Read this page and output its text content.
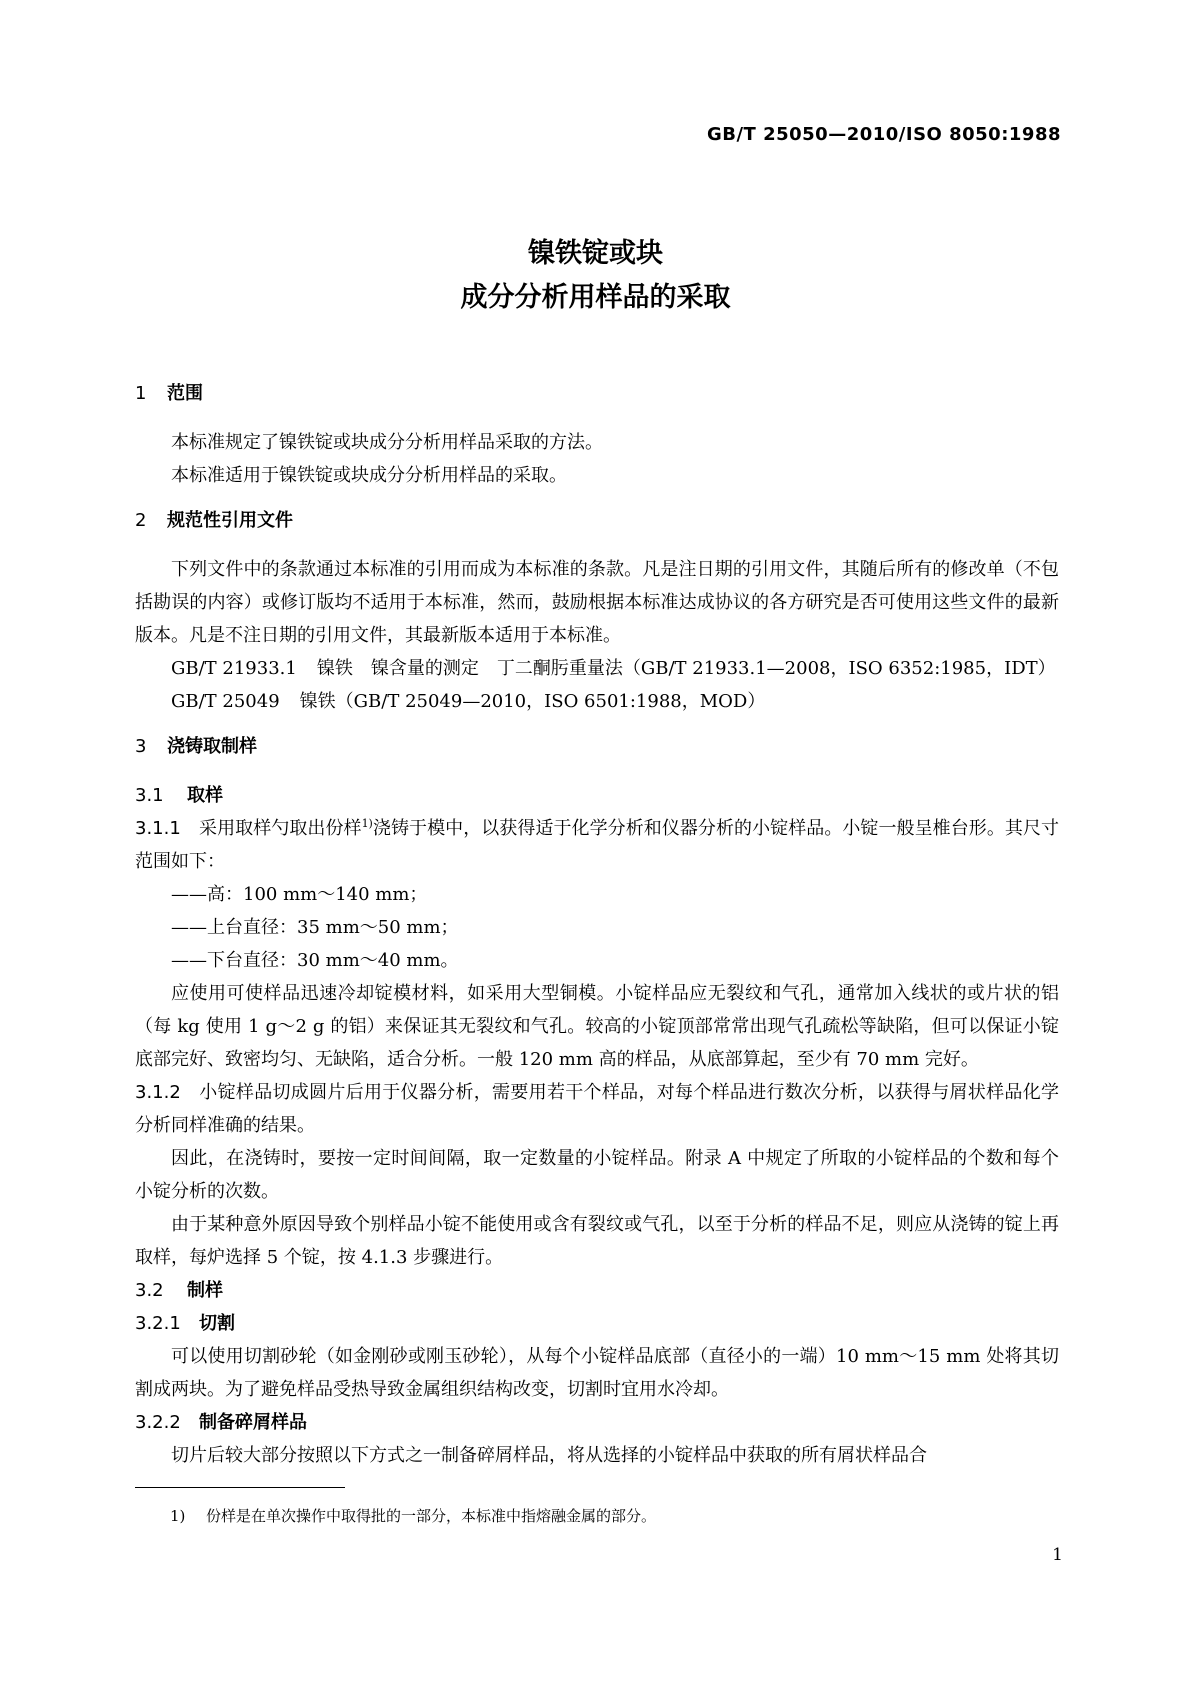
GB/T 25050—2010/ISO 8050:1988
镍铁锭或块
成分分析用样品的采取
1 范围

本标准规定了镍铁锭或块成分分析用样品采取的方法。

本标准适用于镍铁锭或块成分分析用样品的采取。

2 规范性引用文件

下列文件中的条款通过本标准的引用而成为本标准的条款。凡是注日期的引用文件，其随后所有的修改单（不包括勘误的内容）或修订版均不适用于本标准，然而，鼓励根据本标准达成协议的各方研究是否可使用这些文件的最新版本。凡是不注日期的引用文件，其最新版本适用于本标准。

GB/T 21933.1 镍铁　镍含量的测定　丁二酮肟重量法（GB/T 21933.1—2008，ISO 6352:1985，IDT）

GB/T 25049 镍铁（GB/T 25049—2010，ISO 6501:1988，MOD）

3 浇铸取制样
3.1 取样

3.1.1 采用取样勺取出份样$^{1)}$浇铸于模中，以获得适于化学分析和仪器分析的小锭样品。小锭一般呈椎台形。其尺寸范围如下：

——高：100 mm～140 mm；

——上台直径：35 mm～50 mm；

——下台直径：30 mm～40 mm。

应使用可使样品迅速冷却锭模材料，如采用大型铜模。小锭样品应无裂纹和气孔，通常加入线状的或片状的铝（每 kg 使用 1 g～2 g 的铝）来保证其无裂纹和气孔。较高的小锭顶部常常出现气孔疏松等缺陷，但可以保证小锭底部完好、致密均匀、无缺陷，适合分析。一般 120 mm 高的样品，从底部算起，至少有 70 mm 完好。

3.1.2 小锭样品切成圆片后用于仪器分析，需要用若干个样品，对每个样品进行数次分析，以获得与屑状样品化学分析同样准确的结果。

因此，在浇铸时，要按一定时间间隔，取一定数量的小锭样品。附录 A 中规定了所取的小锭样品的个数和每个小锭分析的次数。

由于某种意外原因导致个别样品小锭不能使用或含有裂纹或气孔，以至于分析的样品不足，则应从浇铸的锭上再取样，每炉选择 5 个锭，按 4.1.3 步骤进行。

3.2 制样
3.2.1 切割

可以使用切割砂轮（如金刚砂或刚玉砂轮），从每个小锭样品底部（直径小的一端）10 mm～15 mm 处将其切割成两块。为了避免样品受热导致金属组织结构改变，切割时宜用水冷却。

3.2.2 制备碎屑样品

切片后较大部分按照以下方式之一制备碎屑样品，将从选择的小锭样品中获取的所有屑状样品合

1) 份样是在单次操作中取得批的一部分，本标准中指熔融金属的部分。
1
